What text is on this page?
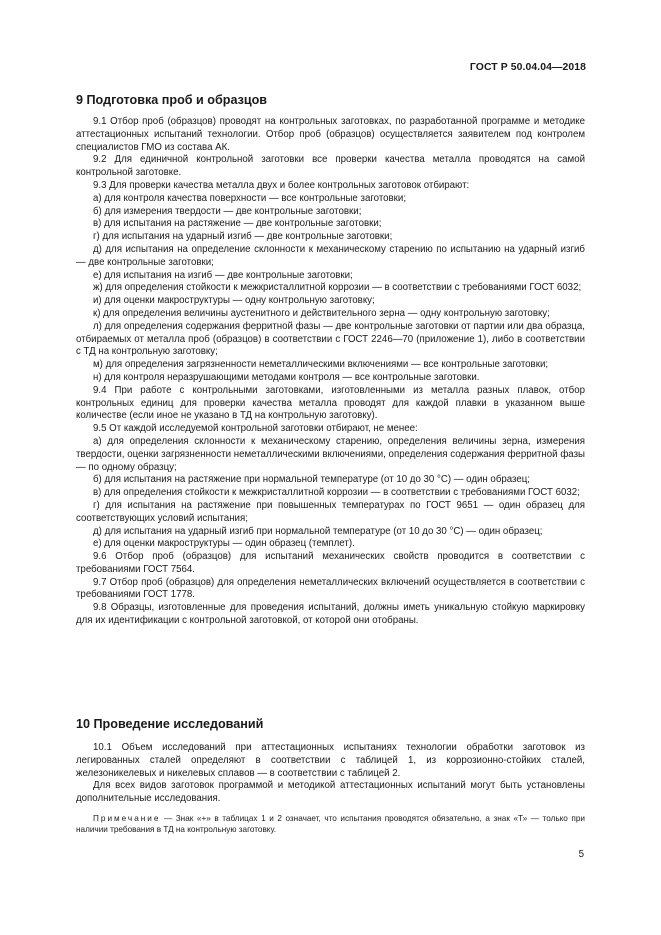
ГОСТ Р 50.04.04—2018
9 Подготовка проб и образцов

9.1 Отбор проб (образцов) проводят на контрольных заготовках, по разработанной программе и методике аттестационных испытаний технологии. Отбор проб (образцов) осуществляется заявителем под контролем специалистов ГМО из состава АК.

9.2 Для единичной контрольной заготовки все проверки качества металла проводятся на самой контрольной заготовке.

9.3 Для проверки качества металла двух и более контрольных заготовок отбирают:

а) для контроля качества поверхности — все контрольные заготовки;

б) для измерения твердости — две контрольные заготовки;

в) для испытания на растяжение — две контрольные заготовки;

г) для испытания на ударный изгиб — две контрольные заготовки;

д) для испытания на определение склонности к механическому старению по испытанию на ударный изгиб — две контрольные заготовки;

е) для испытания на изгиб — две контрольные заготовки;

ж) для определения стойкости к межкристаллитной коррозии — в соответствии с требованиями ГОСТ 6032;

и) для оценки макроструктуры — одну контрольную заготовку;

к) для определения величины аустенитного и действительного зерна — одну контрольную заготовку;

л) для определения содержания ферритной фазы — две контрольные заготовки от партии или два образца, отбираемых от металла проб (образцов) в соответствии с ГОСТ 2246—70 (приложение 1), либо в соответствии с ТД на контрольную заготовку;

м) для определения загрязненности неметаллическими включениями — все контрольные заготовки;

н) для контроля неразрушающими методами контроля — все контрольные заготовки.

9.4 При работе с контрольными заготовками, изготовленными из металла разных плавок, отбор контрольных единиц для проверки качества металла проводят для каждой плавки в указанном выше количестве (если иное не указано в ТД на контрольную заготовку).

9.5 От каждой исследуемой контрольной заготовки отбирают, не менее:

а) для определения склонности к механическому старению, определения величины зерна, измерения твердости, оценки загрязненности неметаллическими включениями, определения содержания ферритной фазы — по одному образцу;

б) для испытания на растяжение при нормальной температуре (от 10 до 30 °С) — один образец;

в) для определения стойкости к межкристаллитной коррозии — в соответствии с требованиями ГОСТ 6032;

г) для испытания на растяжение при повышенных температурах по ГОСТ 9651 — один образец для соответствующих условий испытания;

д) для испытания на ударный изгиб при нормальной температуре (от 10 до 30 °С) — один образец;

е) для оценки макроструктуры — один образец (темплет).

9.6 Отбор проб (образцов) для испытаний механических свойств проводится в соответствии с требованиями ГОСТ 7564.

9.7 Отбор проб (образцов) для определения неметаллических включений осуществляется в соответствии с требованиями ГОСТ 1778.

9.8 Образцы, изготовленные для проведения испытаний, должны иметь уникальную стойкую маркировку для их идентификации с контрольной заготовкой, от которой они отобраны.

10 Проведение исследований

10.1 Объем исследований при аттестационных испытаниях технологии обработки заготовок из легированных сталей определяют в соответствии с таблицей 1, из коррозионно-стойких сталей, железоникелевых и никелевых сплавов — в соответствии с таблицей 2.

Для всех видов заготовок программой и методикой аттестационных испытаний могут быть установлены дополнительные исследования.

Примечание — Знак «+» в таблицах 1 и 2 означает, что испытания проводятся обязательно, а знак «Т» — только при наличии требования в ТД на контрольную заготовку.

5
